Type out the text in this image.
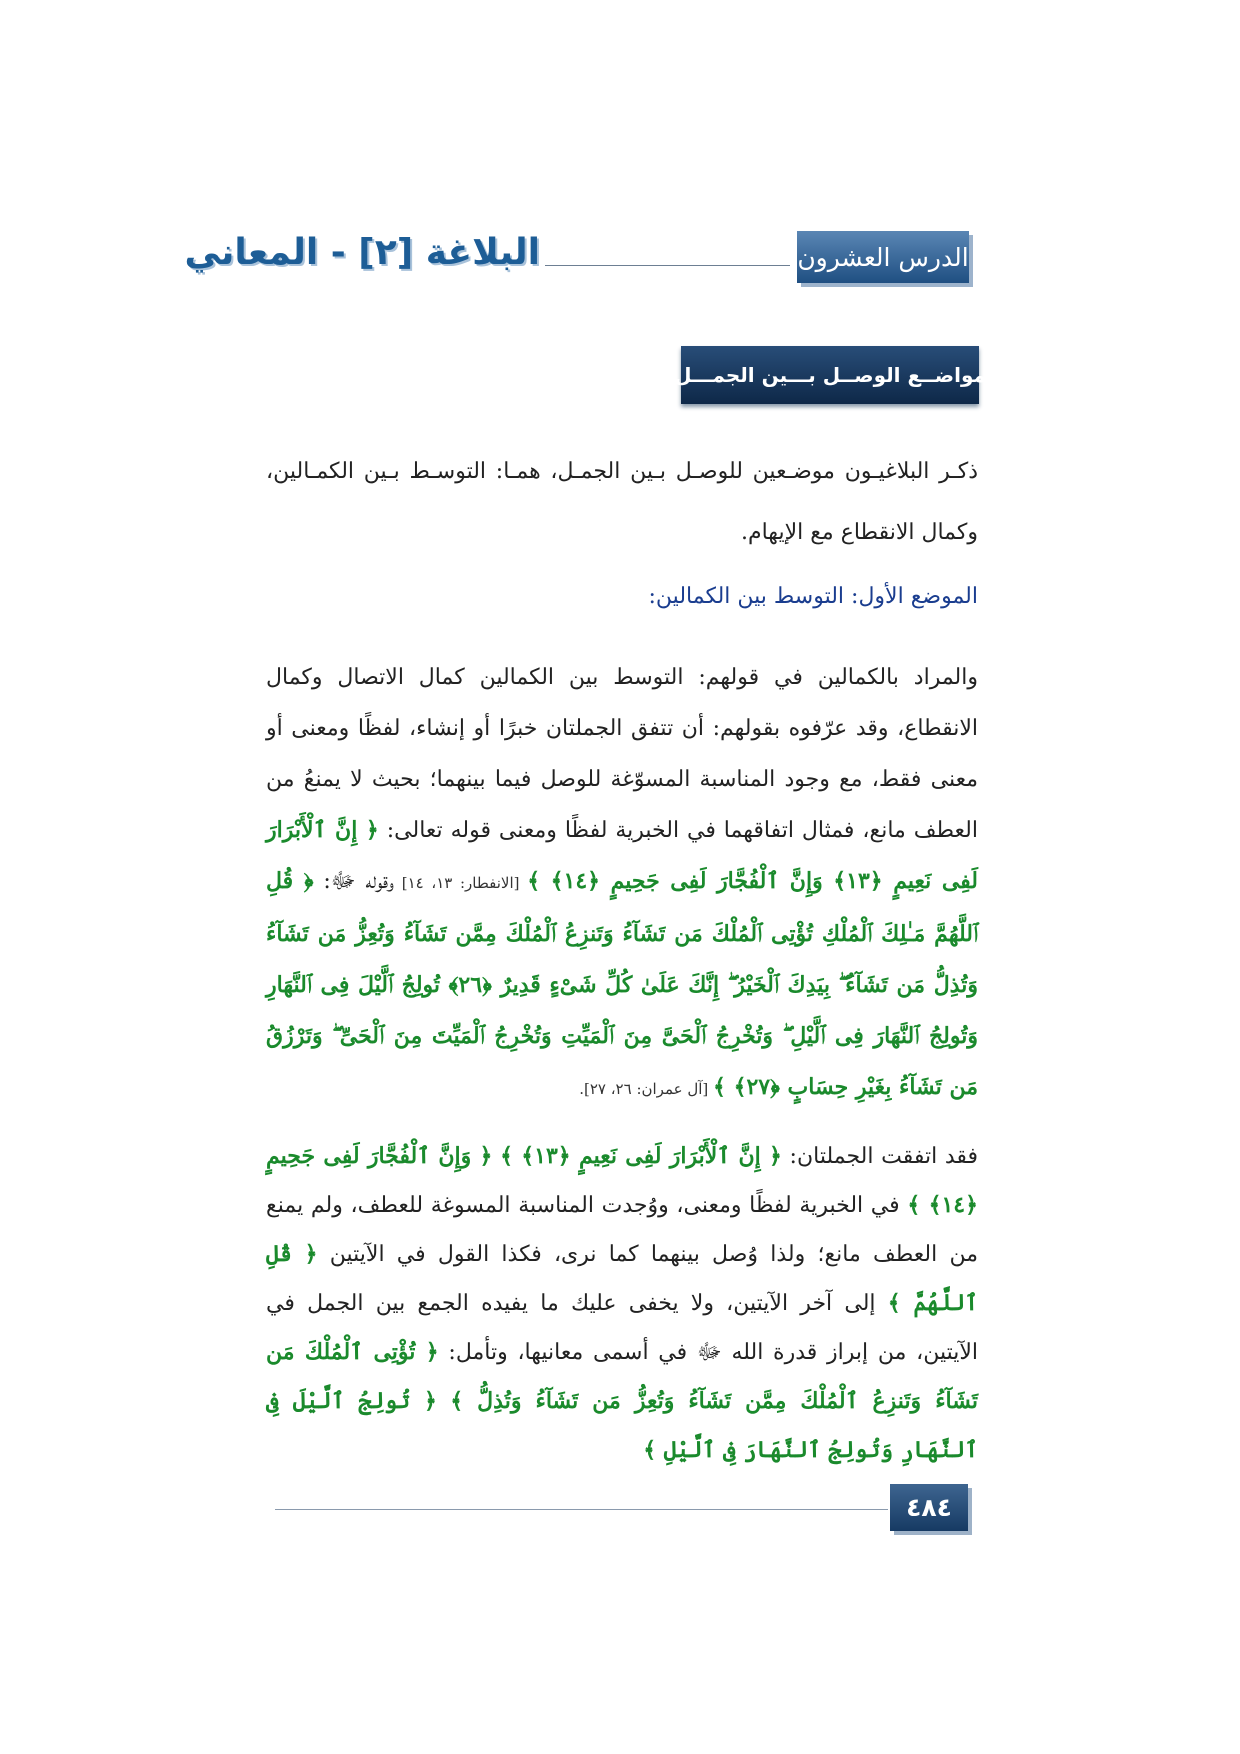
الدرس العشرون
البلاغة [٢] - المعاني
مواضــع الوصــل بـــين الجمـــل

ذكـر البلاغيـون موضـعين للوصـل بـين الجمـل، همـا: التوسـط بـين الكمـالين، وكمال الانقطاع مع الإيهام.

الموضع الأول: التوسط بين الكمالين:

والمراد بالكمالين في قولهم: التوسط بين الكمالين كمال الاتصال وكمال الانقطاع، وقد عرّفوه بقولهم: أن تتفق الجملتان خبرًا أو إنشاء، لفظًا ومعنى أو معنى فقط، مع وجود المناسبة المسوّغة للوصل فيما بينهما؛ بحيث لا يمنعُ من العطف مانع، فمثال اتفاقهما في الخبرية لفظًا ومعنى قوله تعالى: ﴿ إِنَّ ٱلْأَبْرَارَ لَفِى نَعِيمٍ ﴿١٣﴾ وَإِنَّ ٱلْفُجَّارَ لَفِى جَحِيمٍ ﴿١٤﴾ ﴾ [الانفطار: ١٣، ١٤] وقوله ﷻ: ﴿ قُلِ ٱللَّهُمَّ مَـٰلِكَ ٱلْمُلْكِ تُؤْتِى ٱلْمُلْكَ مَن تَشَآءُ وَتَنزِعُ ٱلْمُلْكَ مِمَّن تَشَآءُ وَتُعِزُّ مَن تَشَآءُ وَتُذِلُّ مَن تَشَآءُ ۖ بِيَدِكَ ٱلْخَيْرُ ۖ إِنَّكَ عَلَىٰ كُلِّ شَىْءٍ قَدِيرٌ ﴿٢٦﴾ تُولِجُ ٱلَّيْلَ فِى ٱلنَّهَارِ وَتُولِجُ ٱلنَّهَارَ فِى ٱلَّيْلِ ۖ وَتُخْرِجُ ٱلْحَىَّ مِنَ ٱلْمَيِّتِ وَتُخْرِجُ ٱلْمَيِّتَ مِنَ ٱلْحَىِّ ۖ وَتَرْزُقُ مَن تَشَآءُ بِغَيْرِ حِسَابٍ ﴿٢٧﴾ ﴾ [آل عمران: ٢٦، ٢٧].

فقد اتفقت الجملتان: ﴿ إِنَّ ٱلْأَبْرَارَ لَفِى نَعِيمٍ ﴿١٣﴾ ﴾ ﴿ وَإِنَّ ٱلْفُجَّارَ لَفِى جَحِيمٍ ﴿١٤﴾ ﴾ في الخبرية لفظًا ومعنى، ووُجدت المناسبة المسوغة للعطف، ولم يمنع من العطف مانع؛ ولذا وُصل بينهما كما نرى، فكذا القول في الآيتين ﴿ قُلِ ٱللَّهُمَّ ﴾ إلى آخر الآيتين، ولا يخفى عليك ما يفيده الجمع بين الجمل في الآيتين، من إبراز قدرة الله ﷻ في أسمى معانيها، وتأمل: ﴿ تُؤْتِى ٱلْمُلْكَ مَن تَشَآءُ وَتَنزِعُ ٱلْمُلْكَ مِمَّن تَشَآءُ وَتُعِزُّ مَن تَشَآءُ وَتُذِلُّ ﴾ ﴿ تُولِجُ ٱلَّيْلَ فِى ٱلنَّهَارِ وَتُولِجُ ٱلنَّهَارَ فِى ٱلَّيْلِ ﴾

٤٨٤
